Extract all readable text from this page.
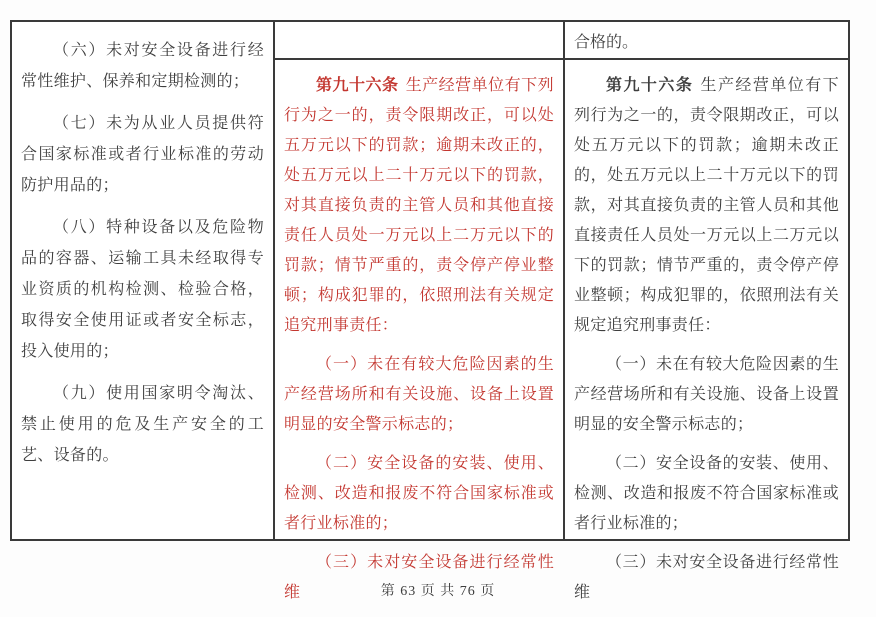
（六）未对安全设备进行经常性维护、保养和定期检测的；

（七）未为从业人员提供符合国家标准或者行业标准的劳动防护用品的；

（八）特种设备以及危险物品的容器、运输工具未经取得专业资质的机构检测、检验合格，取得安全使用证或者安全标志，投入使用的；

（九）使用国家明令淘汰、禁止使用的危及生产安全的工艺、设备的。

第九十六条 生产经营单位有下列行为之一的，责令限期改正，可以处五万元以下的罚款；逾期未改正的，处五万元以上二十万元以下的罚款，对其直接负责的主管人员和其他直接责任人员处一万元以上二万元以下的罚款；情节严重的，责令停产停业整顿；构成犯罪的，依照刑法有关规定追究刑事责任：

（一）未在有较大危险因素的生产经营场所和有关设施、设备上设置明显的安全警示标志的；

（二）安全设备的安装、使用、检测、改造和报废不符合国家标准或者行业标准的；

（三）未对安全设备进行经常性维

合格的。

第九十六条 生产经营单位有下列行为之一的，责令限期改正，可以处五万元以下的罚款；逾期未改正的，处五万元以上二十万元以下的罚款，对其直接负责的主管人员和其他直接责任人员处一万元以上二万元以下的罚款；情节严重的，责令停产停业整顿；构成犯罪的，依照刑法有关规定追究刑事责任：

（一）未在有较大危险因素的生产经营场所和有关设施、设备上设置明显的安全警示标志的；

（二）安全设备的安装、使用、检测、改造和报废不符合国家标准或者行业标准的；

（三）未对安全设备进行经常性维

第 63 页 共 76 页
